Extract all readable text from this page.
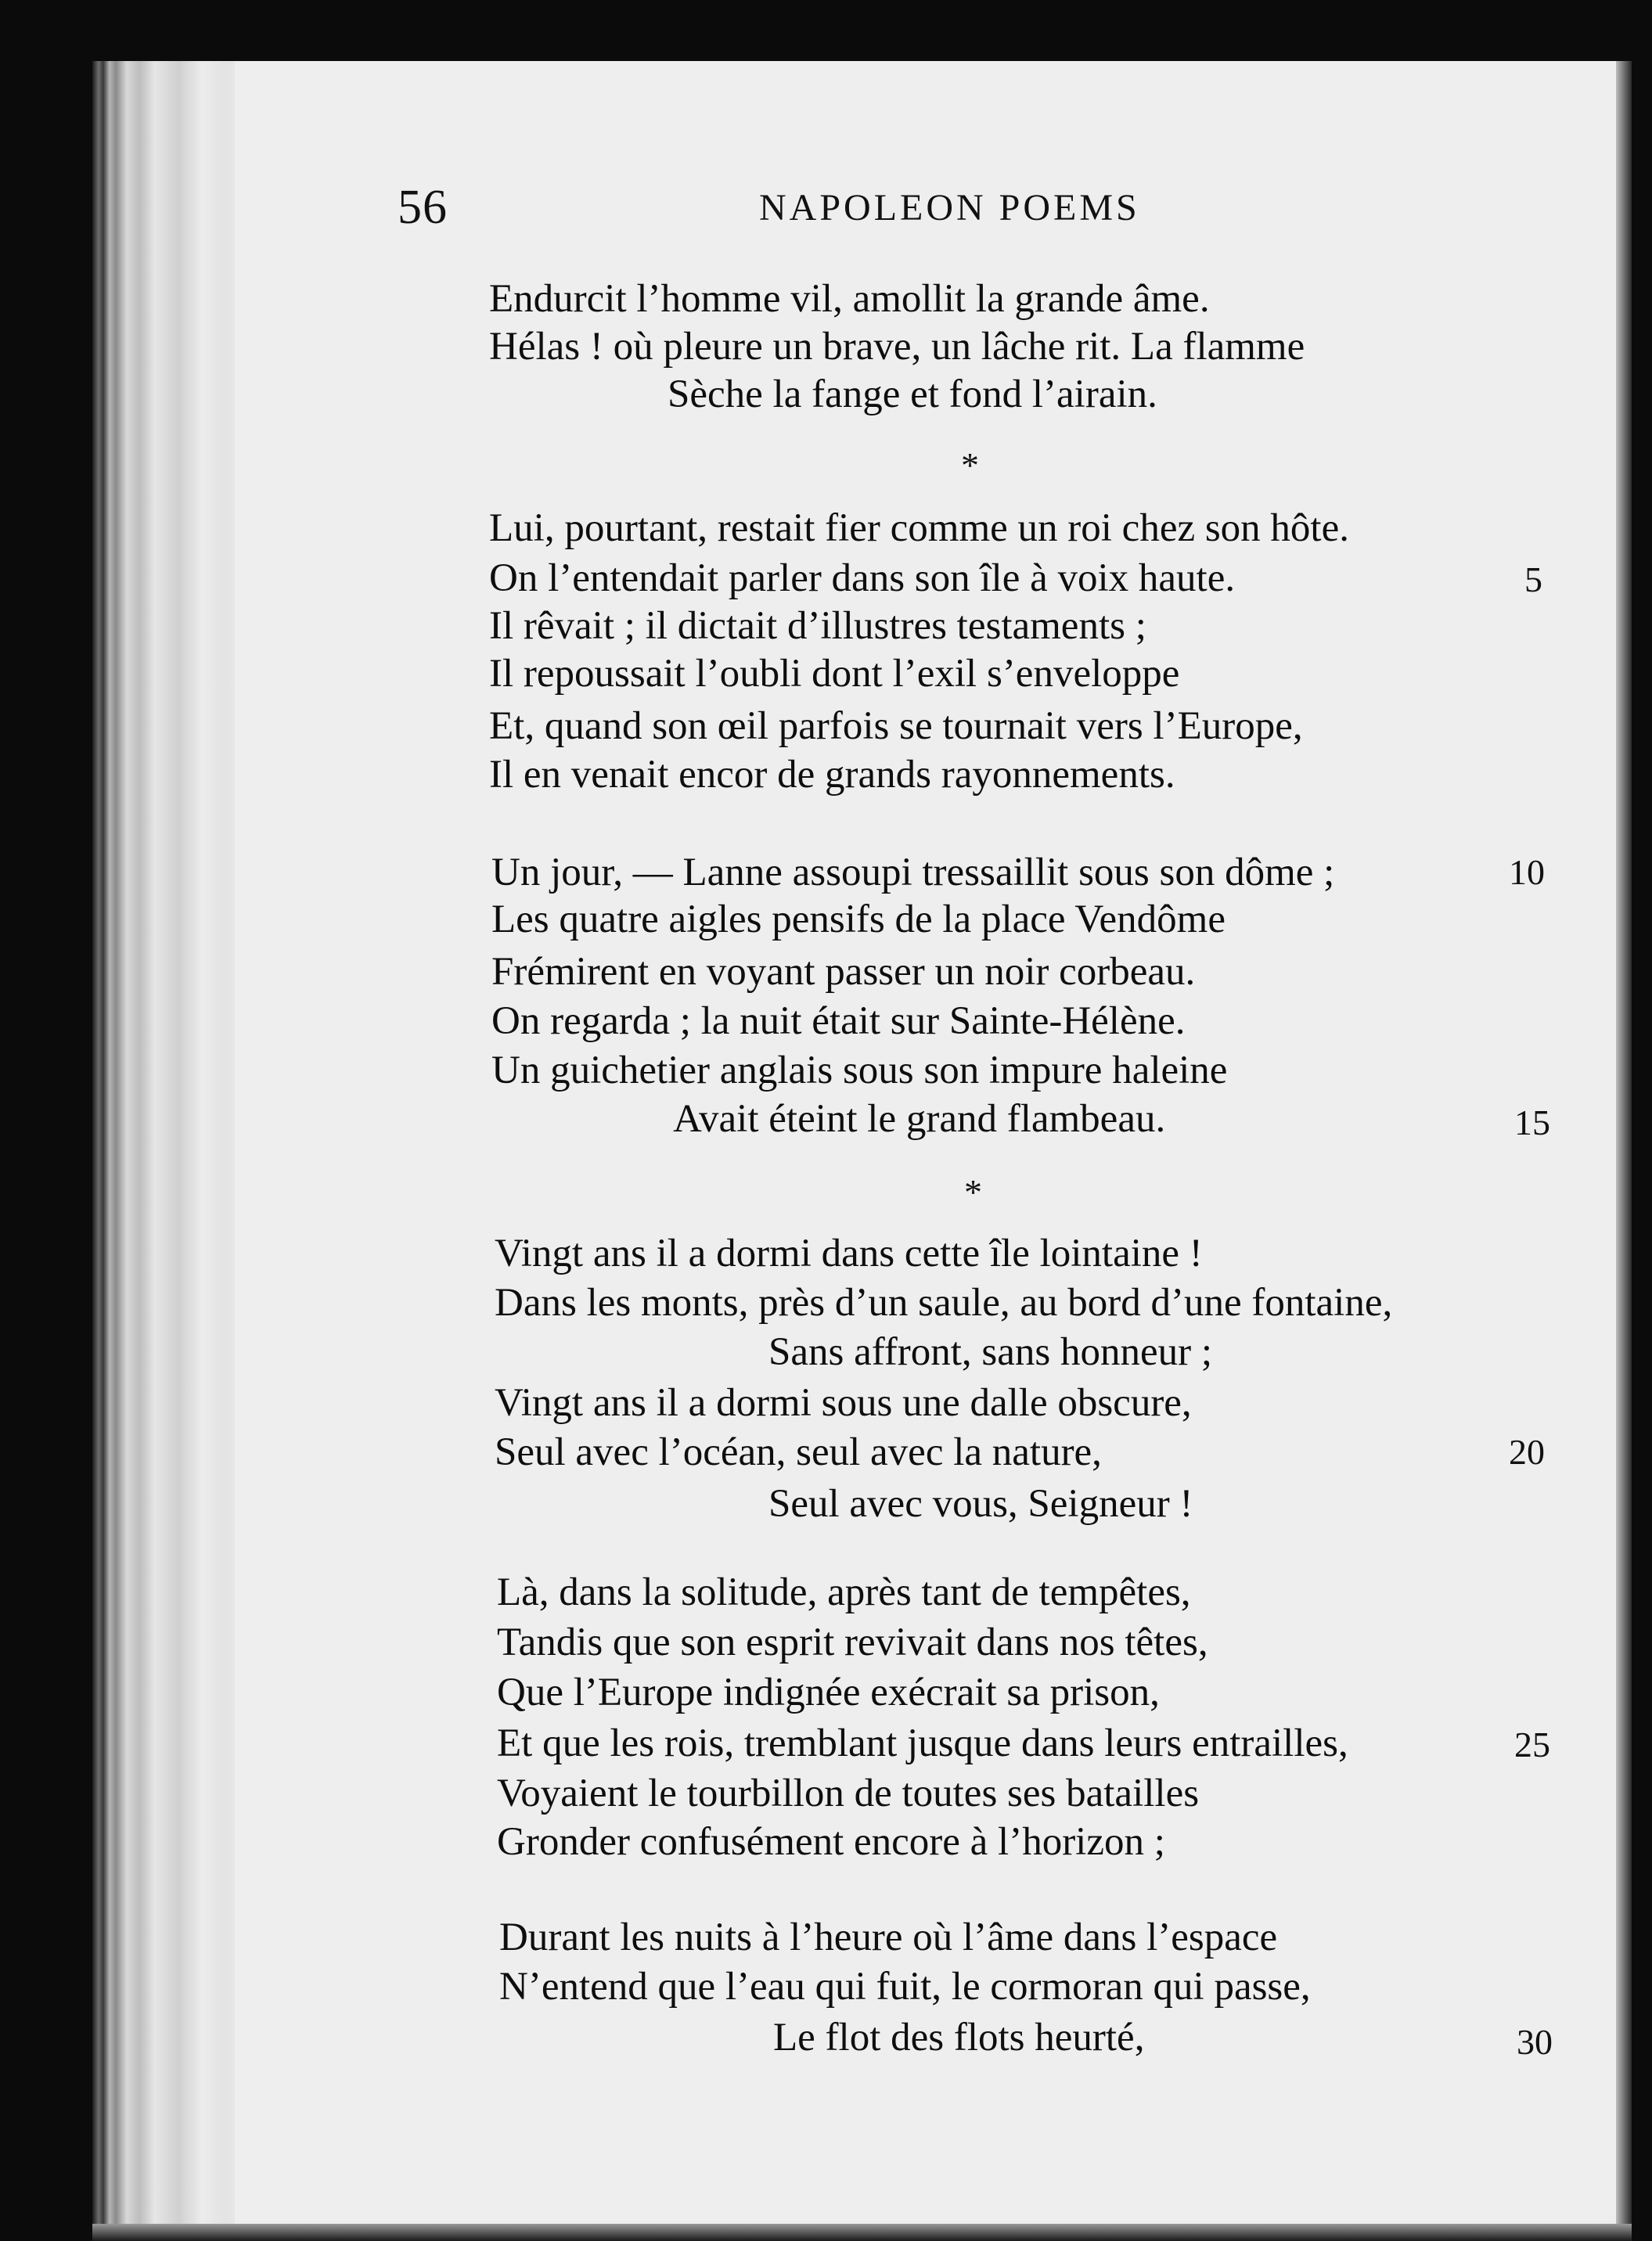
56	NAPOLEON POEMS
Endurcit l’homme vil, amollit la grande âme.
Hélas ! où pleure un brave, un lâche rit. La flamme
Sèche la fange et fond l’airain.
*
Lui, pourtant, restait fier comme un roi chez son hôte.
On l’entendait parler dans son île à voix haute.	5
Il rêvait ; il dictait d’illustres testaments ;
Il repoussait l’oubli dont l’exil s’enveloppe
Et, quand son œil parfois se tournait vers l’Europe,
Il en venait encor de grands rayonnements.
Un jour, — Lanne assoupi tressaillit sous son dôme ;	10
Les quatre aigles pensifs de la place Vendôme
Frémirent en voyant passer un noir corbeau.
On regarda ; la nuit était sur Sainte-Hélène.
Un guichetier anglais sous son impure haleine
Avait éteint le grand flambeau.	15
*
Vingt ans il a dormi dans cette île lointaine !
Dans les monts, près d’un saule, au bord d’une fontaine,
Sans affront, sans honneur ;
Vingt ans il a dormi sous une dalle obscure,
Seul avec l’océan, seul avec la nature,	20
Seul avec vous, Seigneur !
Là, dans la solitude, après tant de tempêtes,
Tandis que son esprit revivait dans nos têtes,
Que l’Europe indignée exécrait sa prison,
Et que les rois, tremblant jusque dans leurs entrailles,	25
Voyaient le tourbillon de toutes ses batailles
Gronder confusément encore à l’horizon ;
Durant les nuits à l’heure où l’âme dans l’espace
N’entend que l’eau qui fuit, le cormoran qui passe,
Le flot des flots heurté,	30
